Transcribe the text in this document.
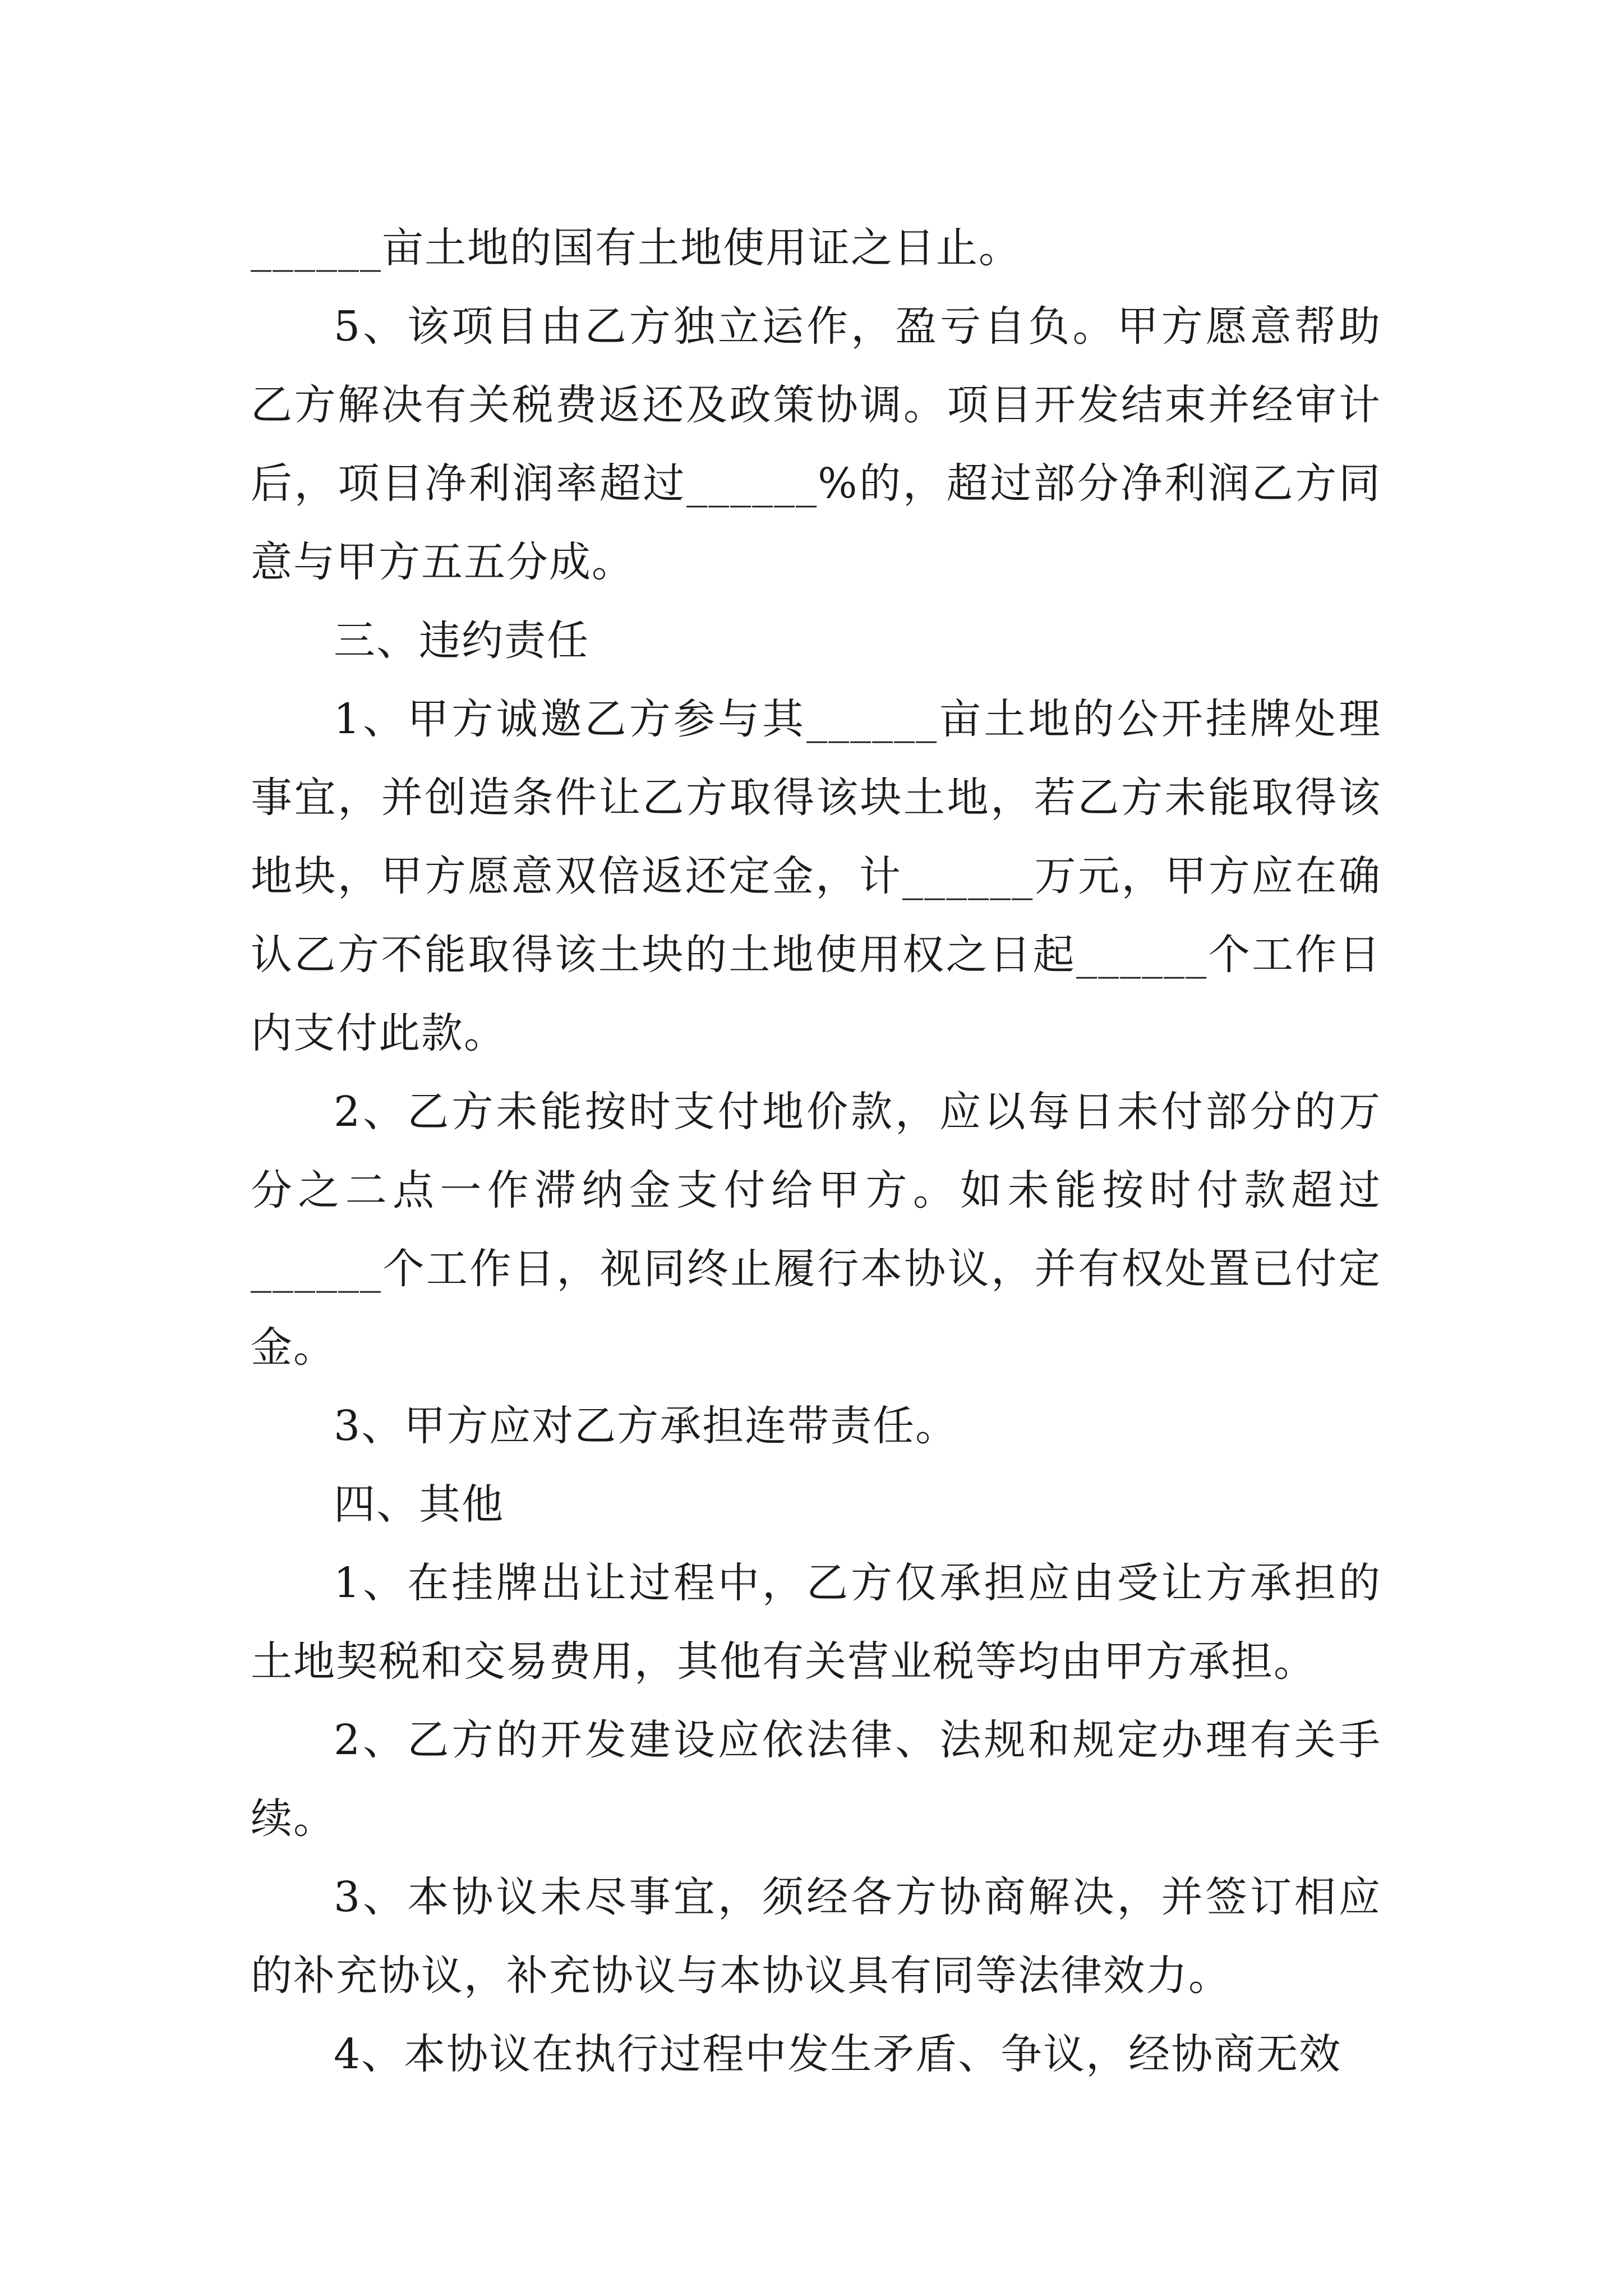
______亩土地的国有土地使用证之日止。

5、该项目由乙方独立运作，盈亏自负。甲方愿意帮助乙方解决有关税费返还及政策协调。项目开发结束并经审计后，项目净利润率超过______%的，超过部分净利润乙方同意与甲方五五分成。

三、违约责任

1、甲方诚邀乙方参与其______亩土地的公开挂牌处理事宜，并创造条件让乙方取得该块土地，若乙方未能取得该地块，甲方愿意双倍返还定金，计______万元，甲方应在确认乙方不能取得该土块的土地使用权之日起______个工作日内支付此款。

2、乙方未能按时支付地价款，应以每日未付部分的万分之二点一作滞纳金支付给甲方。如未能按时付款超过______个工作日，视同终止履行本协议，并有权处置已付定金。

3、甲方应对乙方承担连带责任。

四、其他

1、在挂牌出让过程中，乙方仅承担应由受让方承担的土地契税和交易费用，其他有关营业税等均由甲方承担。

2、乙方的开发建设应依法律、法规和规定办理有关手续。

3、本协议未尽事宜，须经各方协商解决，并签订相应的补充协议，补充协议与本协议具有同等法律效力。

4、本协议在执行过程中发生矛盾、争议，经协商无效
